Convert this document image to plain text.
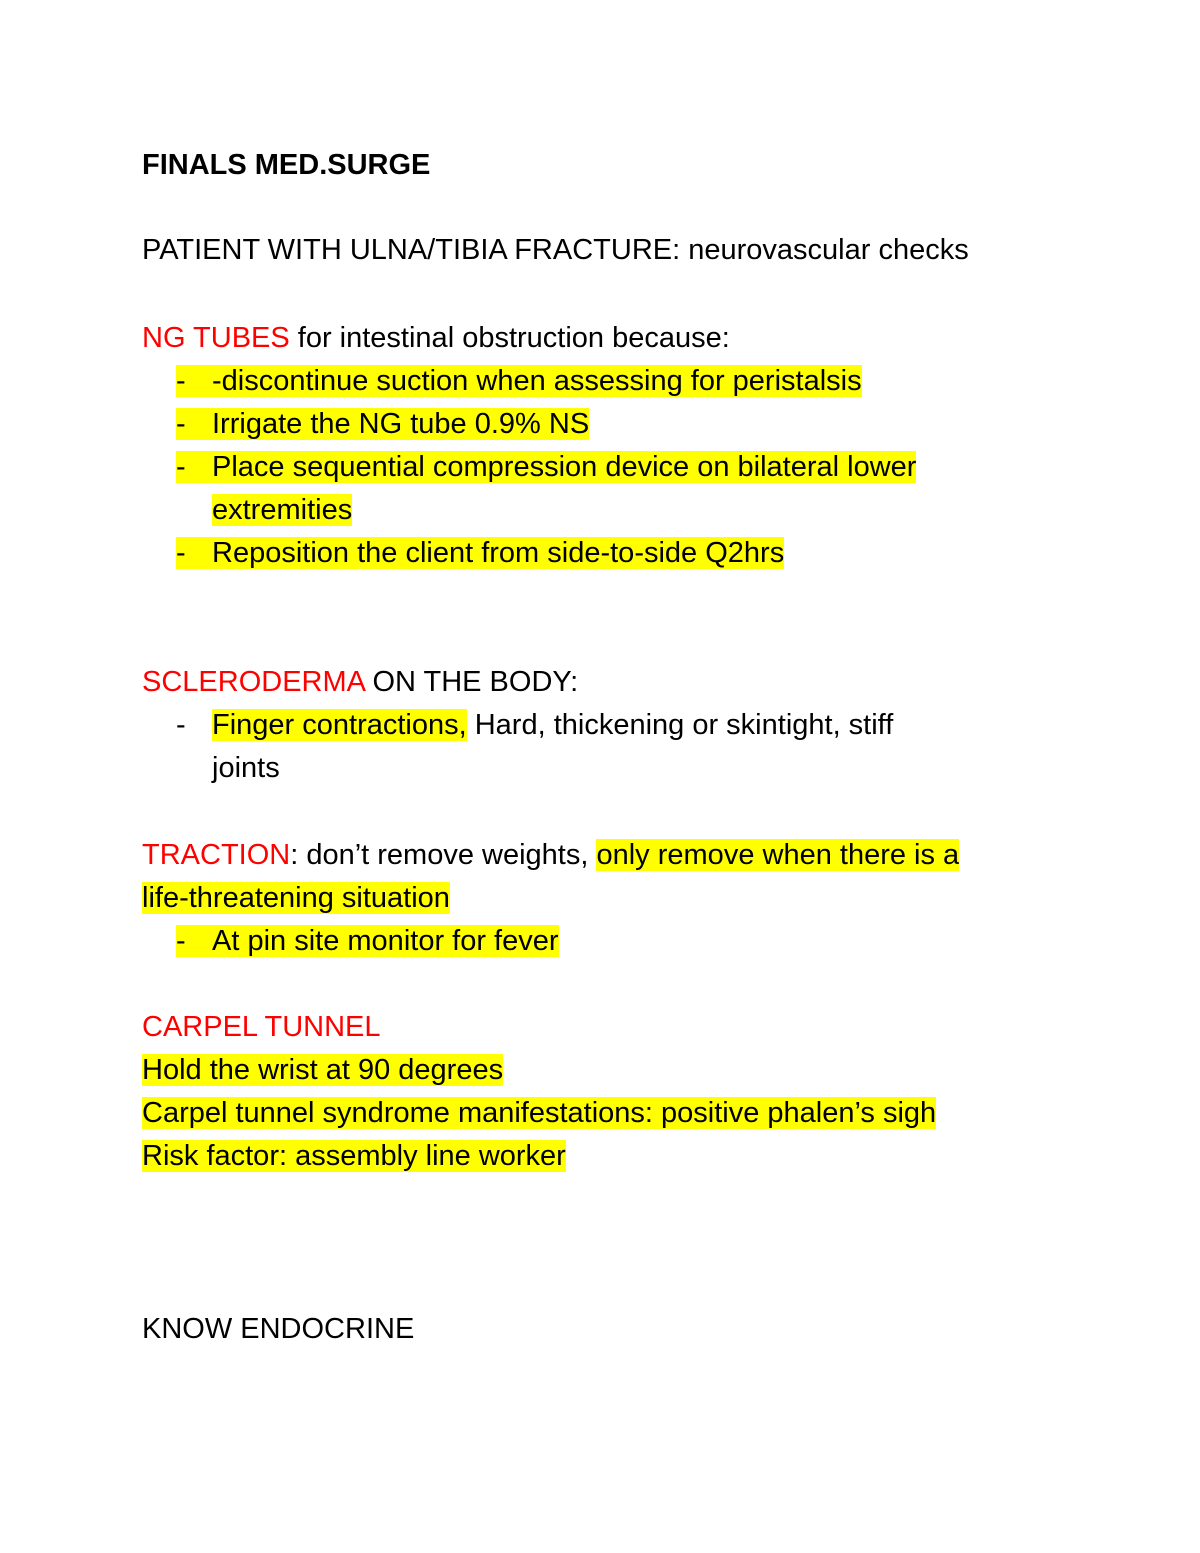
FINALS MED.SURGE
PATIENT WITH ULNA/TIBIA FRACTURE: neurovascular checks
NG TUBES for intestinal obstruction because:
- -discontinue suction when assessing for peristalsis
- Irrigate the NG tube 0.9% NS
- Place sequential compression device on bilateral lower
extremities
- Reposition the client from side-to-side Q2hrs
SCLERODERMA ON THE BODY:
- Finger contractions, Hard, thickening or skintight, stiff
joints
TRACTION: don’t remove weights, only remove when there is a
life-threatening situation
- At pin site monitor for fever
CARPEL TUNNEL
Hold the wrist at 90 degrees
Carpel tunnel syndrome manifestations: positive phalen’s sigh
Risk factor: assembly line worker
KNOW ENDOCRINE
